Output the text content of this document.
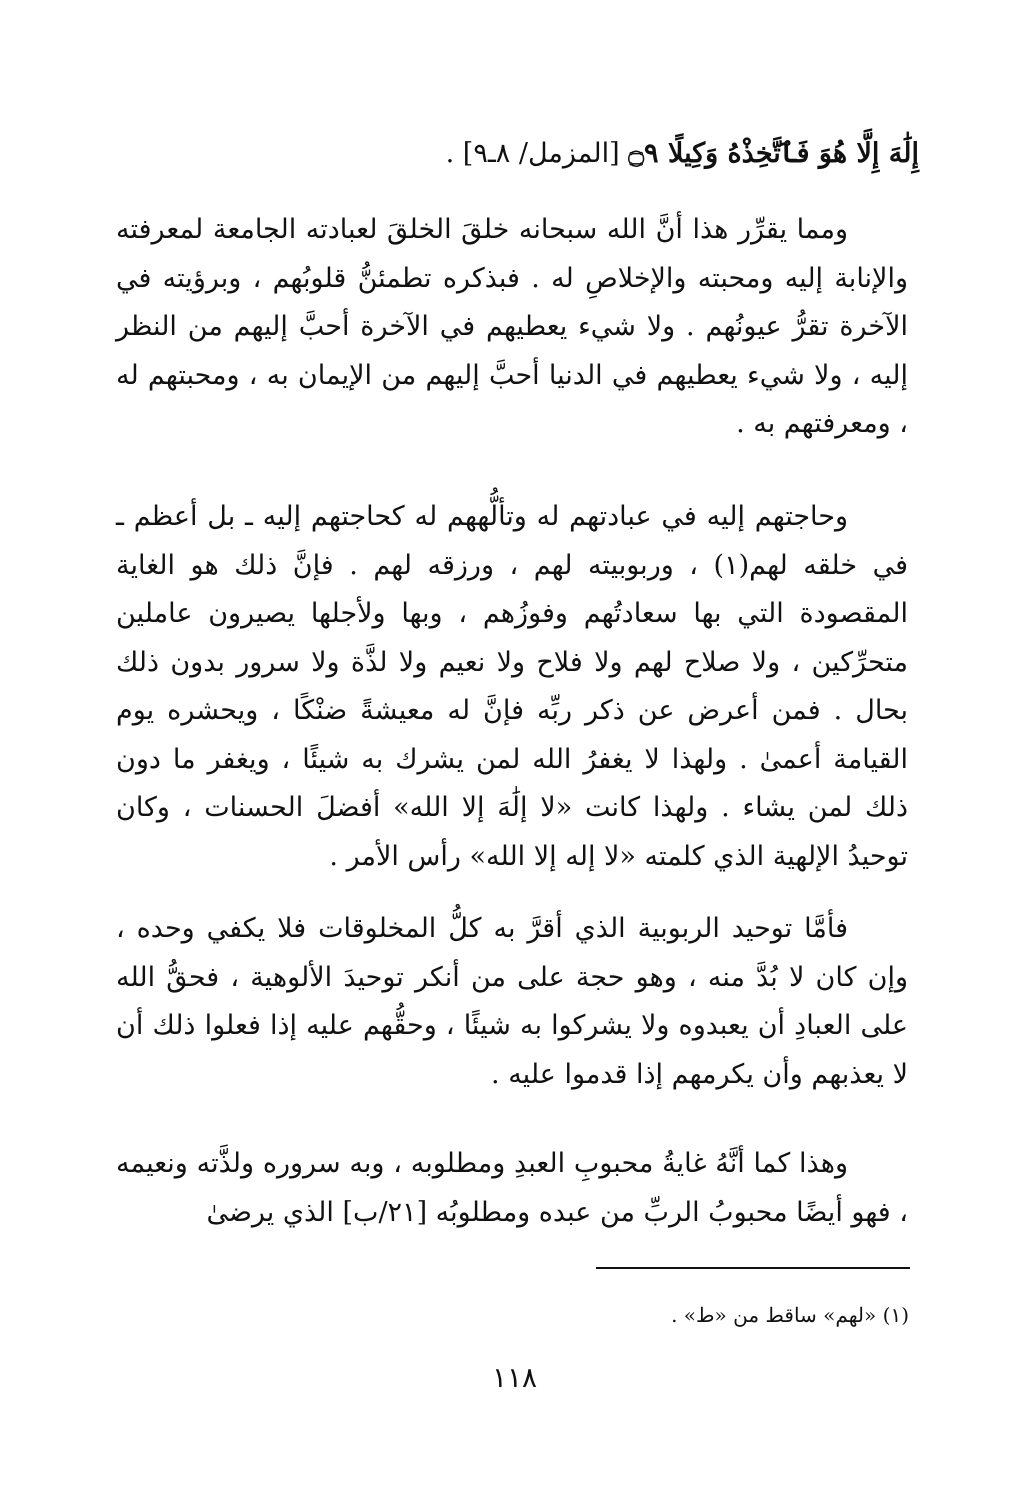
إِلَٰهَ إِلَّا هُوَ فَٱتَّخِذْهُ وَكِيلًا ۝٩ [المزمل/ ٨ـ٩] .

ومما يقرِّر هذا أنَّ الله سبحانه خلقَ الخلقَ لعبادته الجامعة لمعرفته والإنابة إليه ومحبته والإخلاصِ له . فبذكره تطمئنُّ قلوبُهم ، وبرؤيته في الآخرة تقرُّ عيونُهم . ولا شيء يعطيهم في الآخرة أحبَّ إليهم من النظر إليه ، ولا شيء يعطيهم في الدنيا أحبَّ إليهم من الإيمان به ، ومحبتهم له ، ومعرفتهم به .

وحاجتهم إليه في عبادتهم له وتألُّههم له كحاجتهم إليه ـ بل أعظم ـ في خلقه لهم(١) ، وربوبيته لهم ، ورزقه لهم . فإنَّ ذلك هو الغاية المقصودة التي بها سعادتُهم وفوزُهم ، وبها ولأجلها يصيرون عاملين متحرِّكين ، ولا صلاح لهم ولا فلاح ولا نعيم ولا لذَّة ولا سرور بدون ذلك بحال . فمن أعرض عن ذكر ربِّه فإنَّ له معيشةً ضنْكًا ، ويحشره يوم القيامة أعمىٰ . ولهذا لا يغفرُ الله لمن يشرك به شيئًا ، ويغفر ما دون ذلك لمن يشاء . ولهذا كانت «لا إلَٰهَ إلا الله» أفضلَ الحسنات ، وكان توحيدُ الإلهية الذي كلمته «لا إله إلا الله» رأس الأمر .

فأمَّا توحيد الربوبية الذي أقرَّ به كلُّ المخلوقات فلا يكفي وحده ، وإن كان لا بُدَّ منه ، وهو حجة على من أنكر توحيدَ الألوهية ، فحقُّ الله على العبادِ أن يعبدوه ولا يشركوا به شيئًا ، وحقُّهم عليه إذا فعلوا ذلك أن لا يعذبهم وأن يكرمهم إذا قدموا عليه .

وهذا كما أنَّهُ غايةُ محبوبِ العبدِ ومطلوبه ، وبه سروره ولذَّته ونعيمه ، فهو أيضًا محبوبُ الربِّ من عبده ومطلوبُه [٢١/ب] الذي يرضىٰ

(١) «لهم» ساقط من «ط» .
١١٨
